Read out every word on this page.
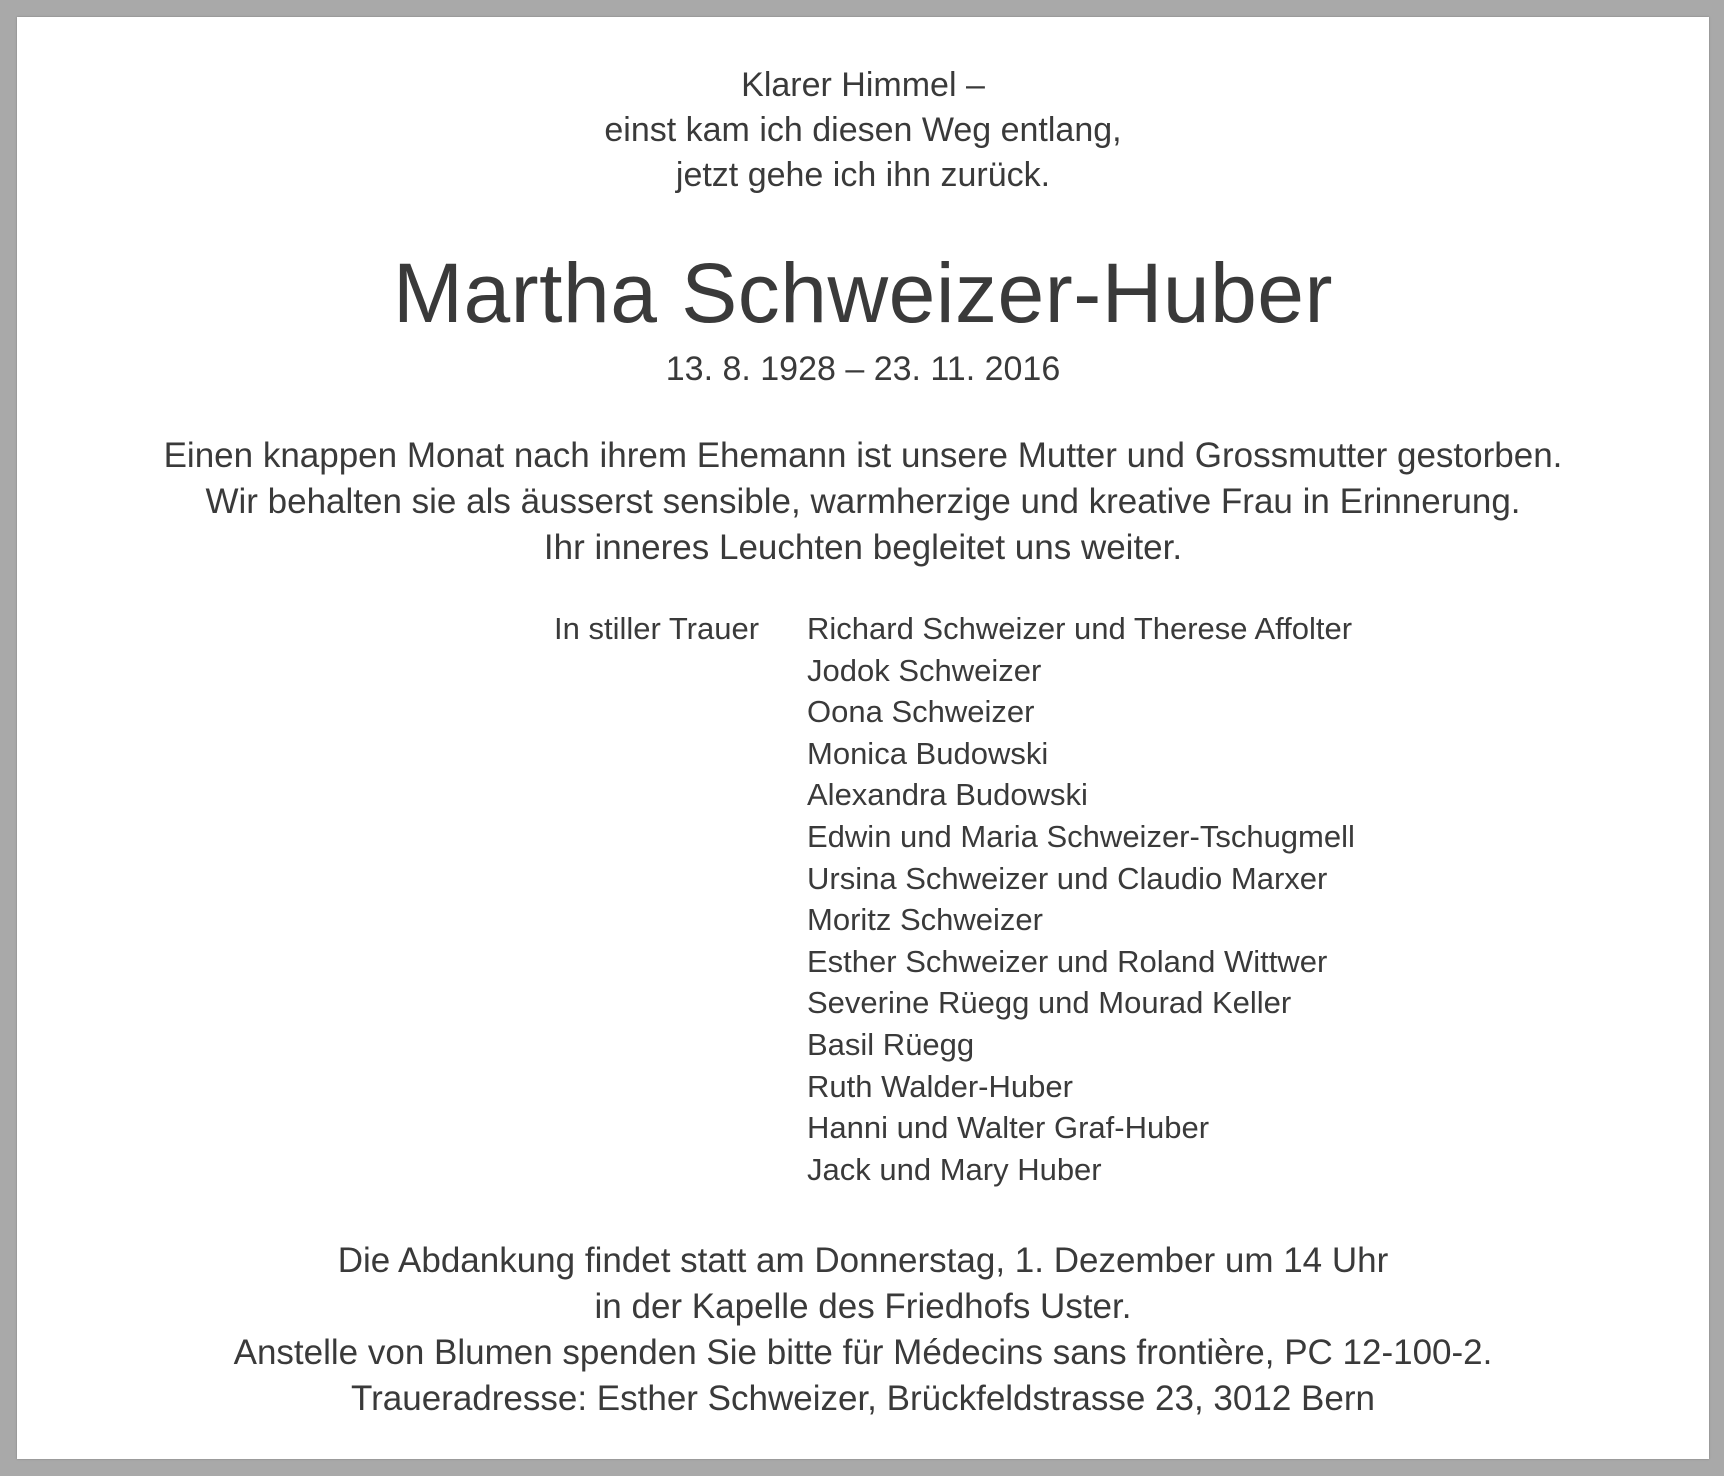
Klarer Himmel –
einst kam ich diesen Weg entlang,
jetzt gehe ich ihn zurück.
Martha Schweizer-Huber
13. 8. 1928 – 23. 11. 2016
Einen knappen Monat nach ihrem Ehemann ist unsere Mutter und Grossmutter gestorben.
Wir behalten sie als äusserst sensible, warmherzige und kreative Frau in Erinnerung.
Ihr inneres Leuchten begleitet uns weiter.
In stiller Trauer Richard Schweizer und Therese Affolter
Jodok Schweizer
Oona Schweizer
Monica Budowski
Alexandra Budowski
Edwin und Maria Schweizer-Tschugmell
Ursina Schweizer und Claudio Marxer
Moritz Schweizer
Esther Schweizer und Roland Wittwer
Severine Rüegg und Mourad Keller
Basil Rüegg
Ruth Walder-Huber
Hanni und Walter Graf-Huber
Jack und Mary Huber
Die Abdankung findet statt am Donnerstag, 1. Dezember um 14 Uhr
in der Kapelle des Friedhofs Uster.
Anstelle von Blumen spenden Sie bitte für Médecins sans frontière, PC 12-100-2.
Traueradresse: Esther Schweizer, Brückfeldstrasse 23, 3012 Bern
